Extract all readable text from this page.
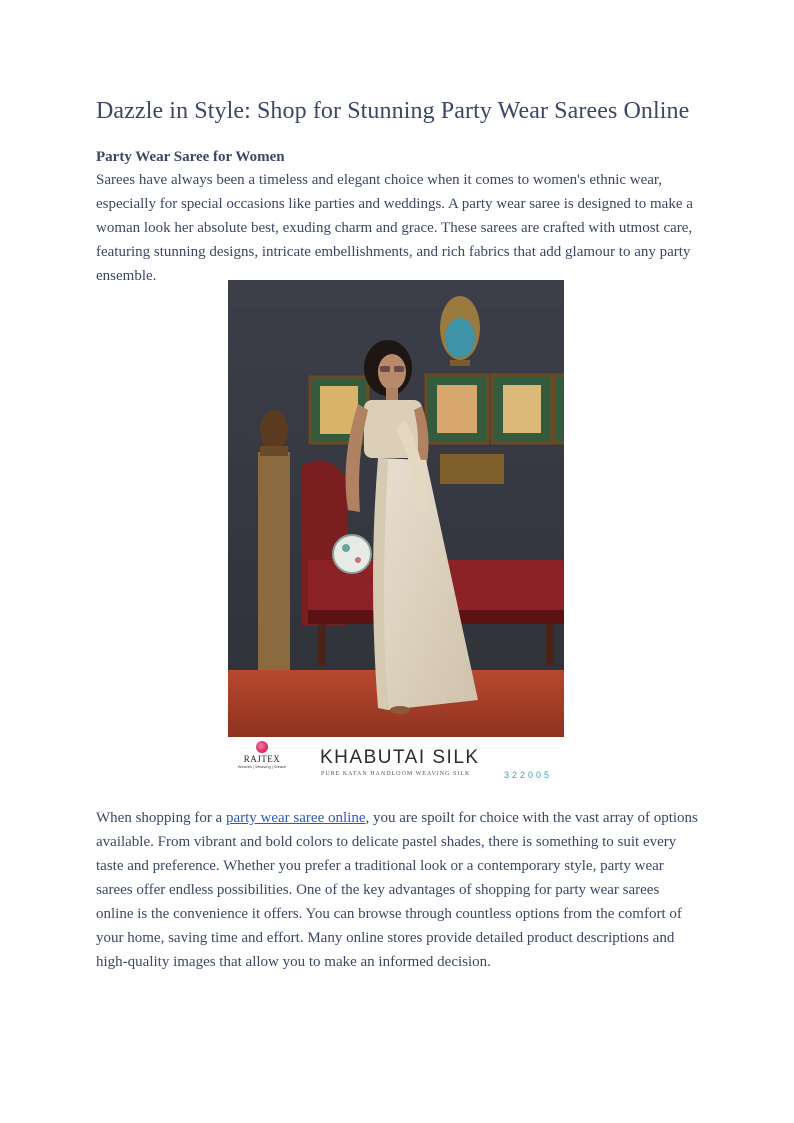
Dazzle in Style: Shop for Stunning Party Wear Sarees Online
Party Wear Saree for Women

Sarees have always been a timeless and elegant choice when it comes to women's ethnic wear, especially for special occasions like parties and weddings. A party wear saree is designed to make a woman look her absolute best, exuding charm and grace. These sarees are crafted with utmost care, featuring stunning designs, intricate embellishments, and rich fabrics that add glamour to any party ensemble.

When shopping for a party wear saree online, you are spoilt for choice with the vast array of options available. From vibrant and bold colors to delicate pastel shades, there is something to suit every taste and preference. Whether you prefer a traditional look or a contemporary style, party wear sarees offer endless possibilities. One of the key advantages of shopping for party wear sarees online is the convenience it offers. You can browse through countless options from the comfort of your home, saving time and effort. Many online stores provide detailed product descriptions and high-quality images that allow you to make an informed decision.

RAJTEX
Weaves | Weaving | Weave KHABUTAI SILK
PURE KATAN HANDLOOM WEAVING SILK	322005
